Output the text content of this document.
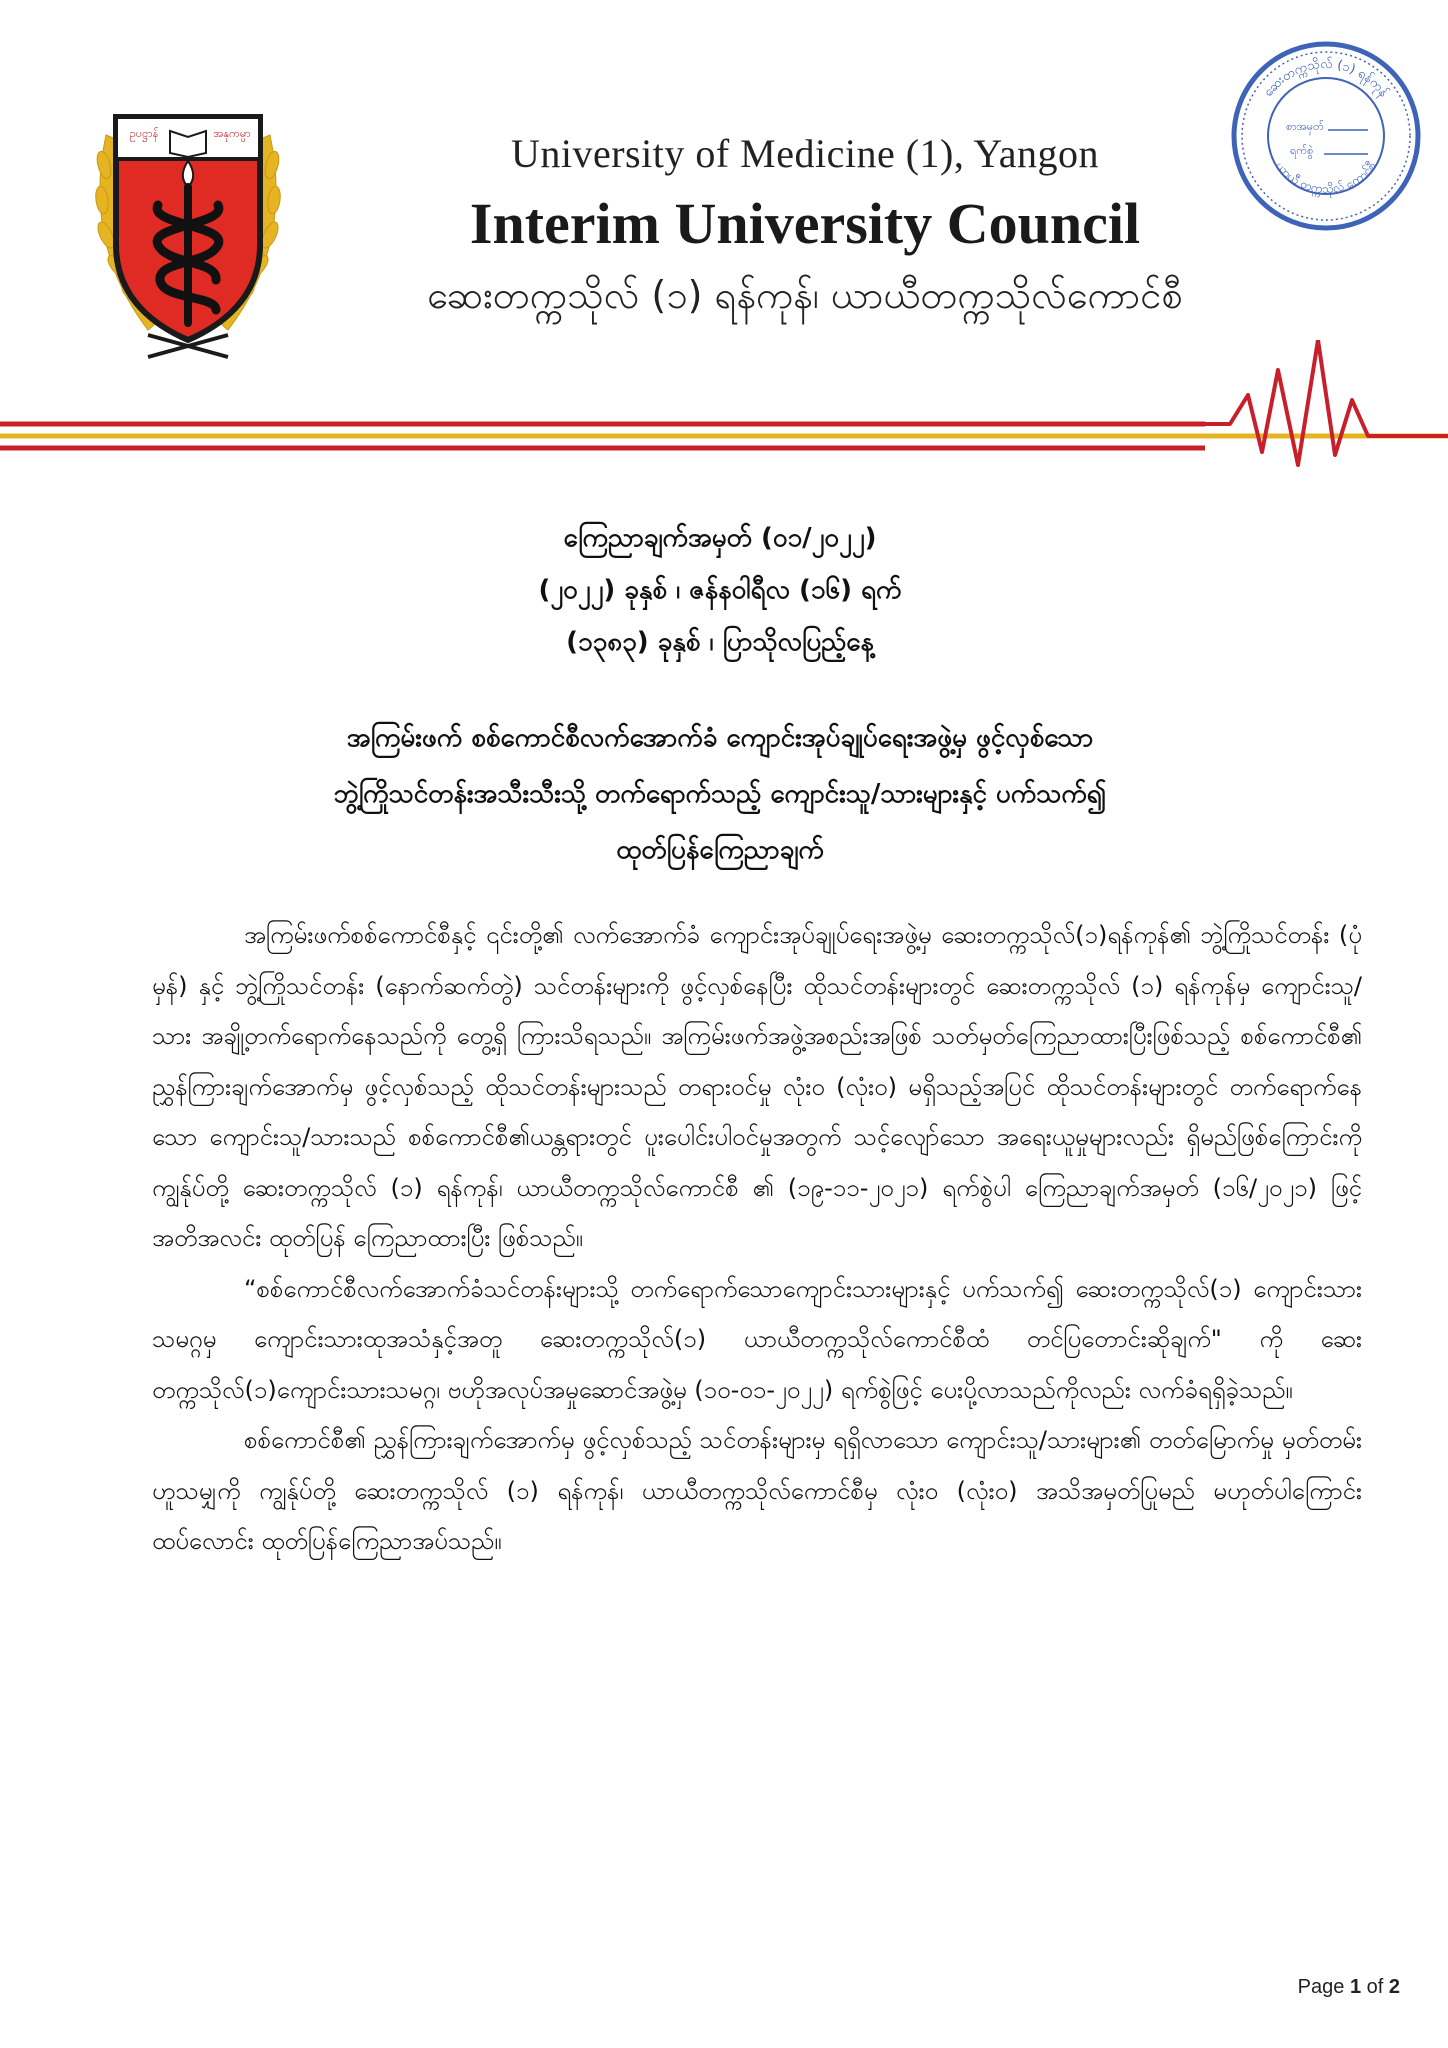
ဥပဋ္ဌာန်	အနုကမ္ပာ	University of Medicine (1), Yangon
Interim University Council
ဆေးတက္ကသိုလ် (၁) ရန်ကုန်၊ ယာယီတက္ကသိုလ်ကောင်စီ
ဆေးတက္ကသိုလ် (၁) ရန်ကုန်
ယာယီ တက္ကသိုလ် ကောင်စီ
စာအမှတ်
ရက်စွဲ
ကြေညာချက်အမှတ် (၀၁/၂၀၂၂)
(၂၀၂၂) ခုနှစ် ၊ ဇန်နဝါရီလ (၁၆) ရက်
(၁၃၈၃) ခုနှစ် ၊ ပြာသိုလပြည့်နေ့
အကြမ်းဖက် စစ်ကောင်စီလက်အောက်ခံ ကျောင်းအုပ်ချုပ်ရေးအဖွဲ့မှ ဖွင့်လှစ်သော
ဘွဲ့ကြိုသင်တန်းအသီးသီးသို့ တက်ရောက်သည့် ကျောင်းသူ/သားများနှင့် ပက်သက်၍
ထုတ်ပြန်ကြေညာချက်

အကြမ်းဖက်စစ်ကောင်စီနှင့် ၎င်းတို့၏ လက်အောက်ခံ ကျောင်းအုပ်ချုပ်ရေးအဖွဲ့မှ ဆေးတက္ကသိုလ်(၁)ရန်ကုန်၏ ဘွဲ့ကြိုသင်တန်း (ပုံမှန်) နှင့် ဘွဲ့ကြိုသင်တန်း (နောက်ဆက်တွဲ) သင်တန်းများကို ဖွင့်လှစ်နေပြီး ထိုသင်တန်းများတွင် ဆေးတက္ကသိုလ် (၁) ရန်ကုန်မှ ကျောင်းသူ/သား အချို့တက်ရောက်နေသည်ကို တွေ့ရှိ ကြားသိရသည်။ အကြမ်းဖက်အဖွဲ့အစည်းအဖြစ် သတ်မှတ်ကြေညာထားပြီးဖြစ်သည့် စစ်ကောင်စီ၏ ညွှန်ကြားချက်အောက်မှ ဖွင့်လှစ်သည့် ထိုသင်တန်းများသည် တရားဝင်မှု လုံး၀ (လုံး၀) မရှိသည့်အပြင် ထိုသင်တန်းများတွင် တက်ရောက်နေသော ကျောင်းသူ/သားသည် စစ်ကောင်စီ၏ယန္တရားတွင် ပူးပေါင်းပါ၀င်မှုအတွက် သင့်လျော်သော အရေးယူမှုများလည်း ရှိမည်ဖြစ်ကြောင်းကို ကျွန်ုပ်တို့ ဆေးတက္ကသိုလ် (၁) ရန်ကုန်၊ ယာယီတက္ကသိုလ်ကောင်စီ ၏ (၁၉-၁၁-၂၀၂၁) ရက်စွဲပါ ကြေညာချက်အမှတ် (၁၆/၂၀၂၁) ဖြင့် အတိအလင်း ထုတ်ပြန် ကြေညာထားပြီး ဖြစ်သည်။

“စစ်ကောင်စီလက်အောက်ခံသင်တန်းများသို့ တက်ရောက်သောကျောင်းသားများနှင့် ပက်သက်၍ ဆေးတက္ကသိုလ်(၁) ကျောင်းသားသမဂ္ဂမှ ကျောင်းသားထုအသံနှင့်အတူ ဆေးတက္ကသိုလ်(၁) ယာယီတက္ကသိုလ်ကောင်စီထံ တင်ပြတောင်းဆိုချက်" ကို ဆေးတက္ကသိုလ်(၁)ကျောင်းသားသမဂ္ဂ၊ ဗဟိုအလုပ်အမှုဆောင်အဖွဲ့မှ (၁၀-၀၁-၂၀၂၂) ရက်စွဲဖြင့် ပေးပို့လာသည်ကိုလည်း လက်ခံရရှိခဲ့သည်။

စစ်ကောင်စီ၏ ညွှန်ကြားချက်အောက်မှ ဖွင့်လှစ်သည့် သင်တန်းများမှ ရရှိလာသော ကျောင်းသူ/သားများ၏ တတ်မြောက်မှု မှတ်တမ်း ဟူသမျှကို ကျွန်ုပ်တို့ ဆေးတက္ကသိုလ် (၁) ရန်ကုန်၊ ယာယီတက္ကသိုလ်ကောင်စီမှ လုံး၀ (လုံး၀) အသိအမှတ်ပြုမည် မဟုတ်ပါကြောင်း ထပ်လောင်း ထုတ်ပြန်ကြေညာအပ်သည်။

Page 1 of 2
